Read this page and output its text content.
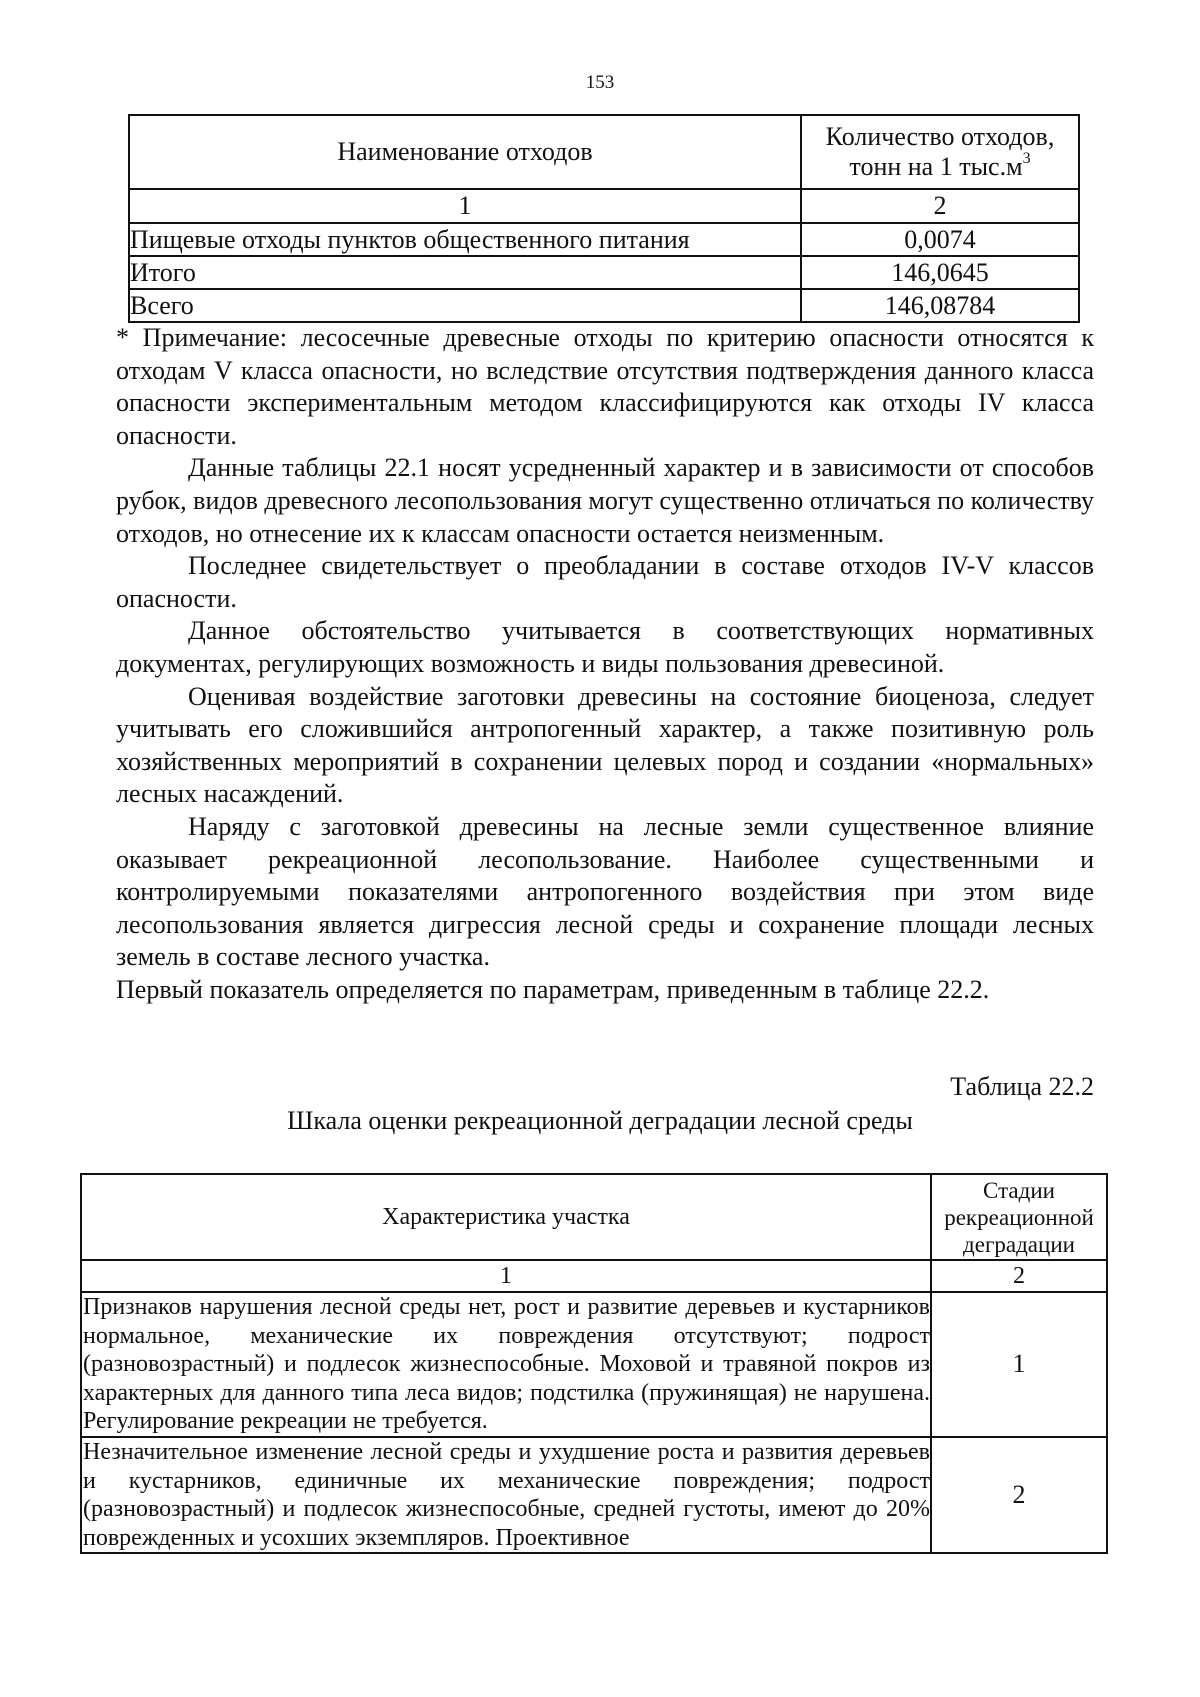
153
Наименование отходов	Количество отходов,
тонн на 1 $тыс.м^3$
1	2
Пищевые отходы пунктов общественного питания	0,0074
Итого	146,0645
Всего	146,08784

* Примечание: лесосечные древесные отходы по критерию опасности относятся к отходам V класса опасности, но вследствие отсутствия подтверждения данного класса опасности экспериментальным методом классифицируются как отходы IV класса опасности.

Данные таблицы 22.1 носят усредненный характер и в зависимости от способов рубок, видов древесного лесопользования могут существенно отличаться по количеству отходов, но отнесение их к классам опасности остается неизменным.

Последнее свидетельствует о преобладании в составе отходов IV-V классов опасности.

Данное обстоятельство учитывается в соответствующих нормативных документах, регулирующих возможность и виды пользования древесиной.

Оценивая воздействие заготовки древесины на состояние биоценоза, следует учитывать его сложившийся антропогенный характер, а также позитивную роль хозяйственных мероприятий в сохранении целевых пород и создании «нормальных» лесных насаждений.

Наряду с заготовкой древесины на лесные земли существенное влияние оказывает рекреационной лесопользование. Наиболее существенными и контролируемыми показателями антропогенного воздействия при этом виде лесопользования является дигрессия лесной среды и сохранение площади лесных земель в составе лесного участка.

Первый показатель определяется по параметрам, приведенным в таблице 22.2.

Таблица 22.2
Шкала оценки рекреационной деградации лесной среды
Характеристика участка	Стадии рекреационной деградации
1	2
Признаков нарушения лесной среды нет, рост и развитие деревьев и кустарников нормальное, механические их повреждения отсутствуют; подрост (разновозрастный) и подлесок жизнеспособные. Моховой и травяной покров из характерных для данного типа леса видов; подстилка (пружинящая) не нарушена. Регулирование рекреации не требуется.	1
Незначительное изменение лесной среды и ухудшение роста и развития деревьев и кустарников, единичные их механические повреждения; подрост (разновозрастный) и подлесок жизнеспособные, средней густоты, имеют до 20% поврежденных и усохших экземпляров. Проективное	2
